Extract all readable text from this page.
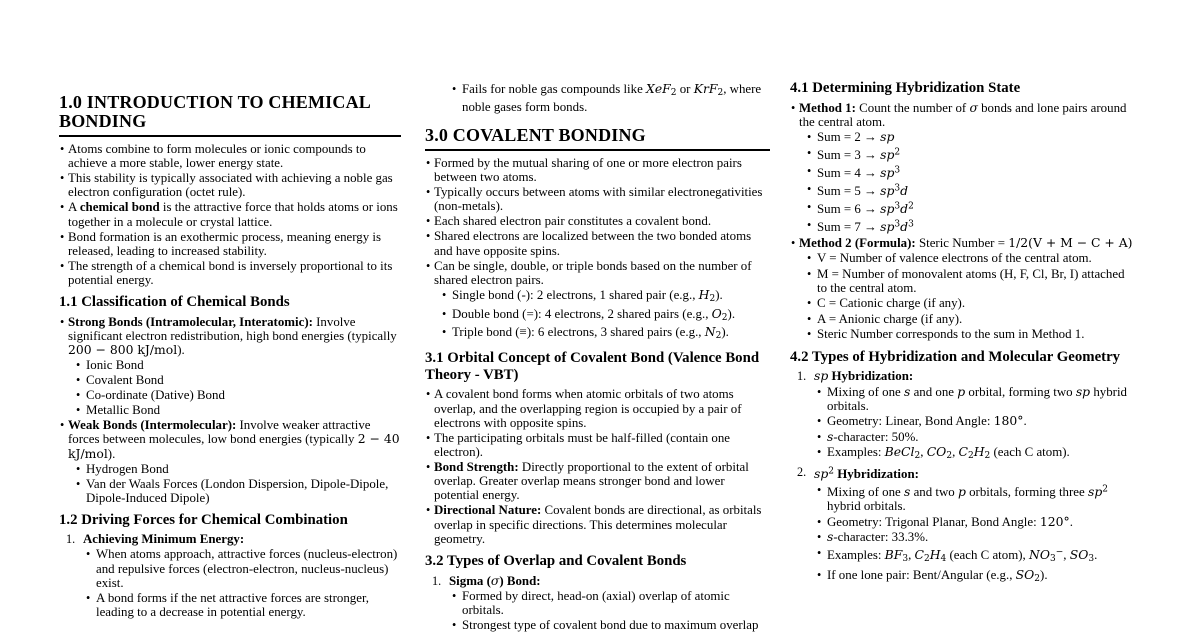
1.0 INTRODUCTION TO CHEMICAL BONDING
• Atoms combine to form molecules or ionic compounds to achieve a more stable, lower energy state.
• This stability is typically associated with achieving a noble gas electron configuration (octet rule).
• A chemical bond is the attractive force that holds atoms or ions together in a molecule or crystal lattice.
• Bond formation is an exothermic process, meaning energy is released, leading to increased stability.
• The strength of a chemical bond is inversely proportional to its potential energy.
1.1 Classification of Chemical Bonds
• Strong Bonds (Intramolecular, Interatomic): Involve significant electron redistribution, high bond energies (typically 200 − 800 kJ/mol).
• Ionic Bond
• Covalent Bond
• Co-ordinate (Dative) Bond
• Metallic Bond
• Weak Bonds (Intermolecular): Involve weaker attractive forces between molecules, low bond energies (typically 2 − 40 kJ/mol).
• Hydrogen Bond
• Van der Waals Forces (London Dispersion, Dipole-Dipole, Dipole-Induced Dipole)
1.2 Driving Forces for Chemical Combination
1. Achieving Minimum Energy:
• When atoms approach, attractive forces (nucleus-electron) and repulsive forces (electron-electron, nucleus-nucleus) exist.
• A bond forms if the net attractive forces are stronger, leading to a decrease in potential energy.
• Fails for noble gas compounds like XeF2 or KrF2, where noble gases form bonds.
3.0 COVALENT BONDING
• Formed by the mutual sharing of one or more electron pairs between two atoms.
• Typically occurs between atoms with similar electronegativities (non-metals).
• Each shared electron pair constitutes a covalent bond.
• Shared electrons are localized between the two bonded atoms and have opposite spins.
• Can be single, double, or triple bonds based on the number of shared electron pairs.
• Single bond (-): 2 electrons, 1 shared pair (e.g., H2).
• Double bond (=): 4 electrons, 2 shared pairs (e.g., O2).
• Triple bond (≡): 6 electrons, 3 shared pairs (e.g., N2).
3.1 Orbital Concept of Covalent Bond (Valence Bond Theory - VBT)
• A covalent bond forms when atomic orbitals of two atoms overlap, and the overlapping region is occupied by a pair of electrons with opposite spins.
• The participating orbitals must be half-filled (contain one electron).
• Bond Strength: Directly proportional to the extent of orbital overlap. Greater overlap means stronger bond and lower potential energy.
• Directional Nature: Covalent bonds are directional, as orbitals overlap in specific directions. This determines molecular geometry.
3.2 Types of Overlap and Covalent Bonds
1. Sigma (σ) Bond:
• Formed by direct, head-on (axial) overlap of atomic orbitals.
• Strongest type of covalent bond due to maximum overlap
4.1 Determining Hybridization State
• Method 1: Count the number of σ bonds and lone pairs around the central atom.
• Sum = 2 → sp
• Sum = $3 \to sp^2$
• Sum = $4 \to sp^3$
• Sum = $5 \to sp^3d$
• Sum = $6 \to sp^3d^2$
• Sum = $7 \to sp^3d^3$
• Method 2 (Formula): Steric Number = 1/2(V + M − C + A)
• V = Number of valence electrons of the central atom.
• M = Number of monovalent atoms (H, F, Cl, Br, I) attached to the central atom.
• C = Cationic charge (if any).
• A = Anionic charge (if any).
• Steric Number corresponds to the sum in Method 1.
4.2 Types of Hybridization and Molecular Geometry
1. sp Hybridization:
• Mixing of one s and one p orbital, forming two sp hybrid orbitals.
• Geometry: Linear, Bond Angle: 180°.
• s-character: 50%.
• Examples: BeCl2, CO2, C2H2 (each C atom).
2. $sp^2$ Hybridization:
• Mixing of one s and two p orbitals, forming three $sp^2$ hybrid orbitals.
• Geometry: Trigonal Planar, Bond Angle: 120°.
• s-character: 33.3%.
• Examples: BF3, C2H4 (each C atom), NO3−, SO3.
• If one lone pair: Bent/Angular (e.g., SO2).
